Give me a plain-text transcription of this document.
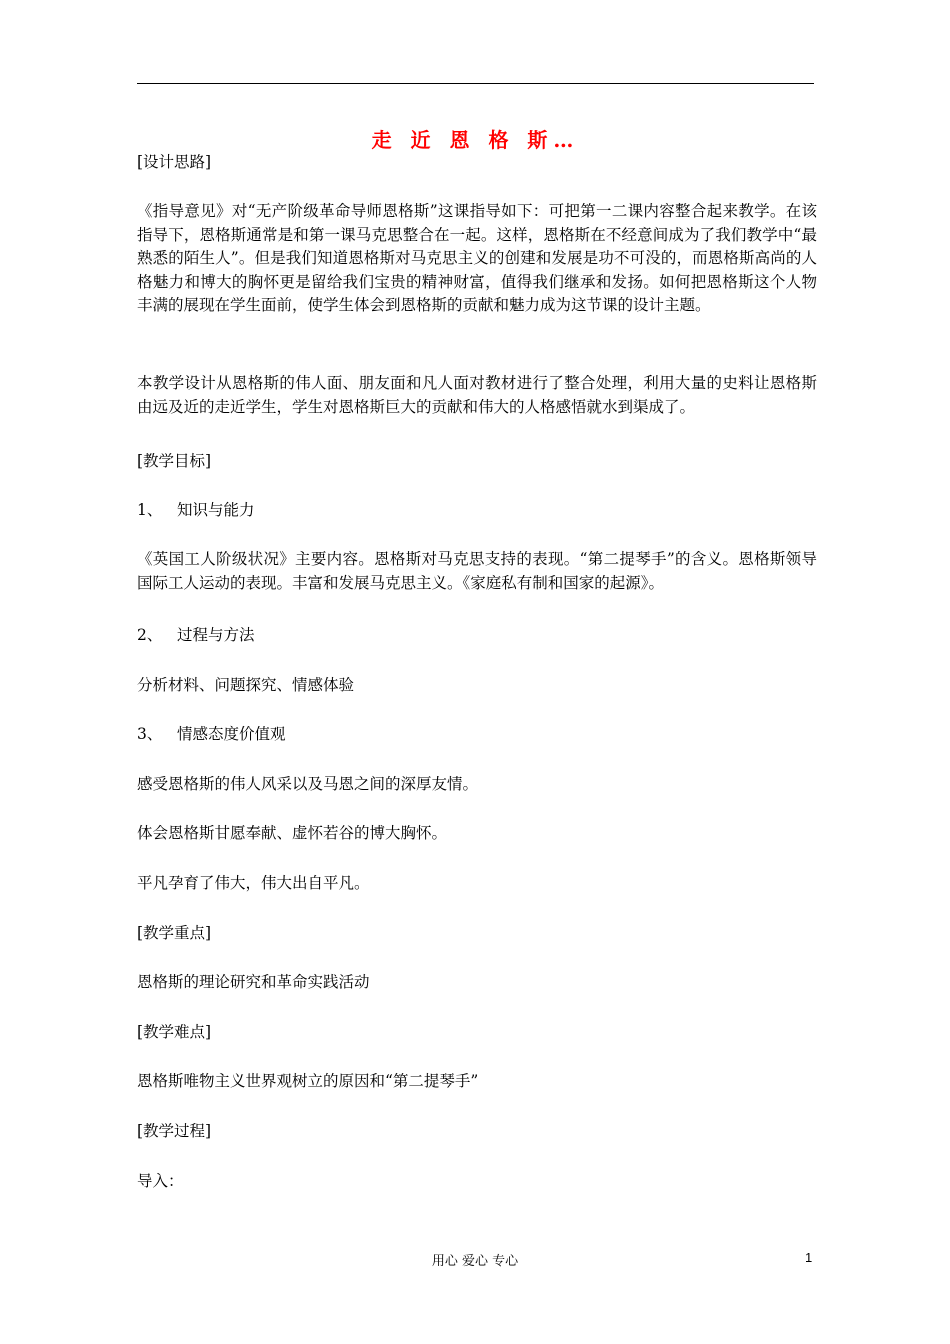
走 近 恩 格 斯…
[设计思路]
《指导意见》对“无产阶级革命导师恩格斯”这课指导如下：可把第一二课内容整合起来教学。在该指导下，恩格斯通常是和第一课马克思整合在一起。这样，恩格斯在不经意间成为了我们教学中“最熟悉的陌生人”。但是我们知道恩格斯对马克思主义的创建和发展是功不可没的，而恩格斯高尚的人格魅力和博大的胸怀更是留给我们宝贵的精神财富，值得我们继承和发扬。如何把恩格斯这个人物丰满的展现在学生面前，使学生体会到恩格斯的贡献和魅力成为这节课的设计主题。
本教学设计从恩格斯的伟人面、朋友面和凡人面对教材进行了整合处理，利用大量的史料让恩格斯由远及近的走近学生，学生对恩格斯巨大的贡献和伟大的人格感悟就水到渠成了。
[教学目标]
1、 知识与能力
《英国工人阶级状况》主要内容。恩格斯对马克思支持的表现。“第二提琴手”的含义。恩格斯领导国际工人运动的表现。丰富和发展马克思主义。《家庭私有制和国家的起源》。
2、 过程与方法
分析材料、问题探究、情感体验
3、 情感态度价值观
感受恩格斯的伟人风采以及马恩之间的深厚友情。
体会恩格斯甘愿奉献、虚怀若谷的博大胸怀。
平凡孕育了伟大，伟大出自平凡。
[教学重点]
恩格斯的理论研究和革命实践活动
[教学难点]
恩格斯唯物主义世界观树立的原因和“第二提琴手”
[教学过程]
导入：
用心 爱心 专心	1
